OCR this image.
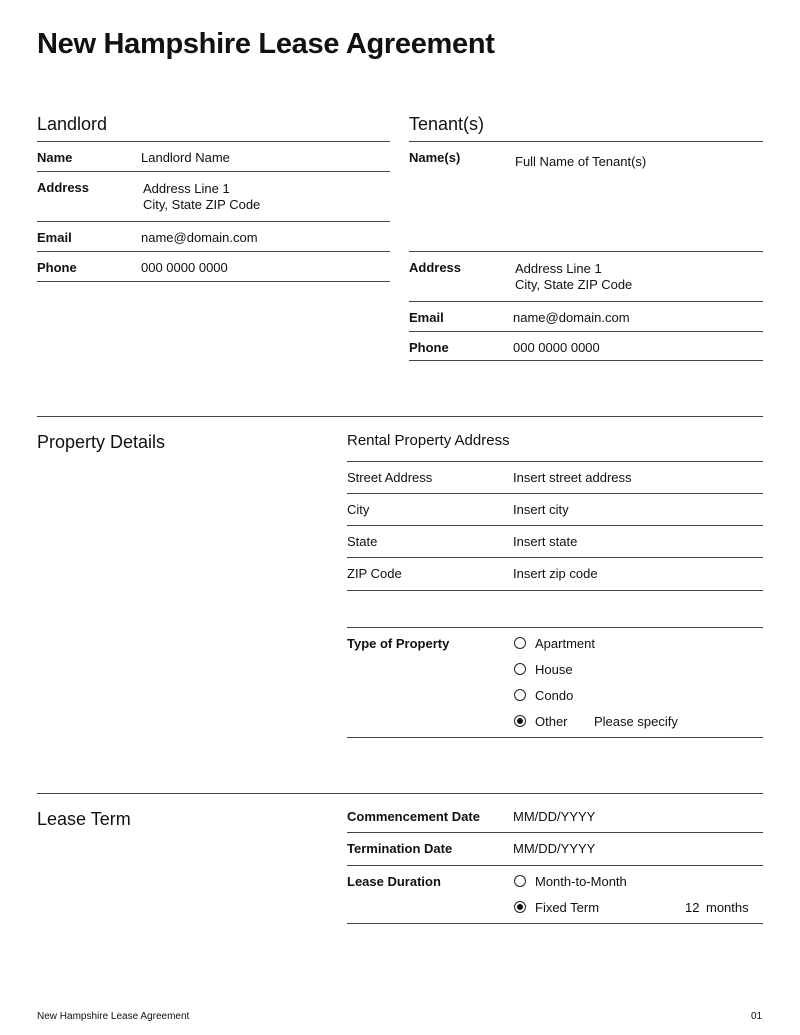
New Hampshire Lease Agreement
Landlord
Name	Landlord Name
Address	Address Line 1
City, State ZIP Code
Email	name@domain.com
Phone	000 0000 0000
Tenant(s)
Name(s)	Full Name of Tenant(s)
Address	Address Line 1
City, State ZIP Code
Email	name@domain.com
Phone	000 0000 0000
Property Details	Rental Property Address
Street Address	Insert street address
City	Insert city
State	Insert state
ZIP Code	Insert zip code
Type of Property	Apartment
House
Condo
Other Please specify
Lease Term	Commencement Date	MM/DD/YYYY
Termination Date	MM/DD/YYYY
Lease Duration	Month-to-Month
Fixed Term	12 months
New Hampshire Lease Agreement	01
